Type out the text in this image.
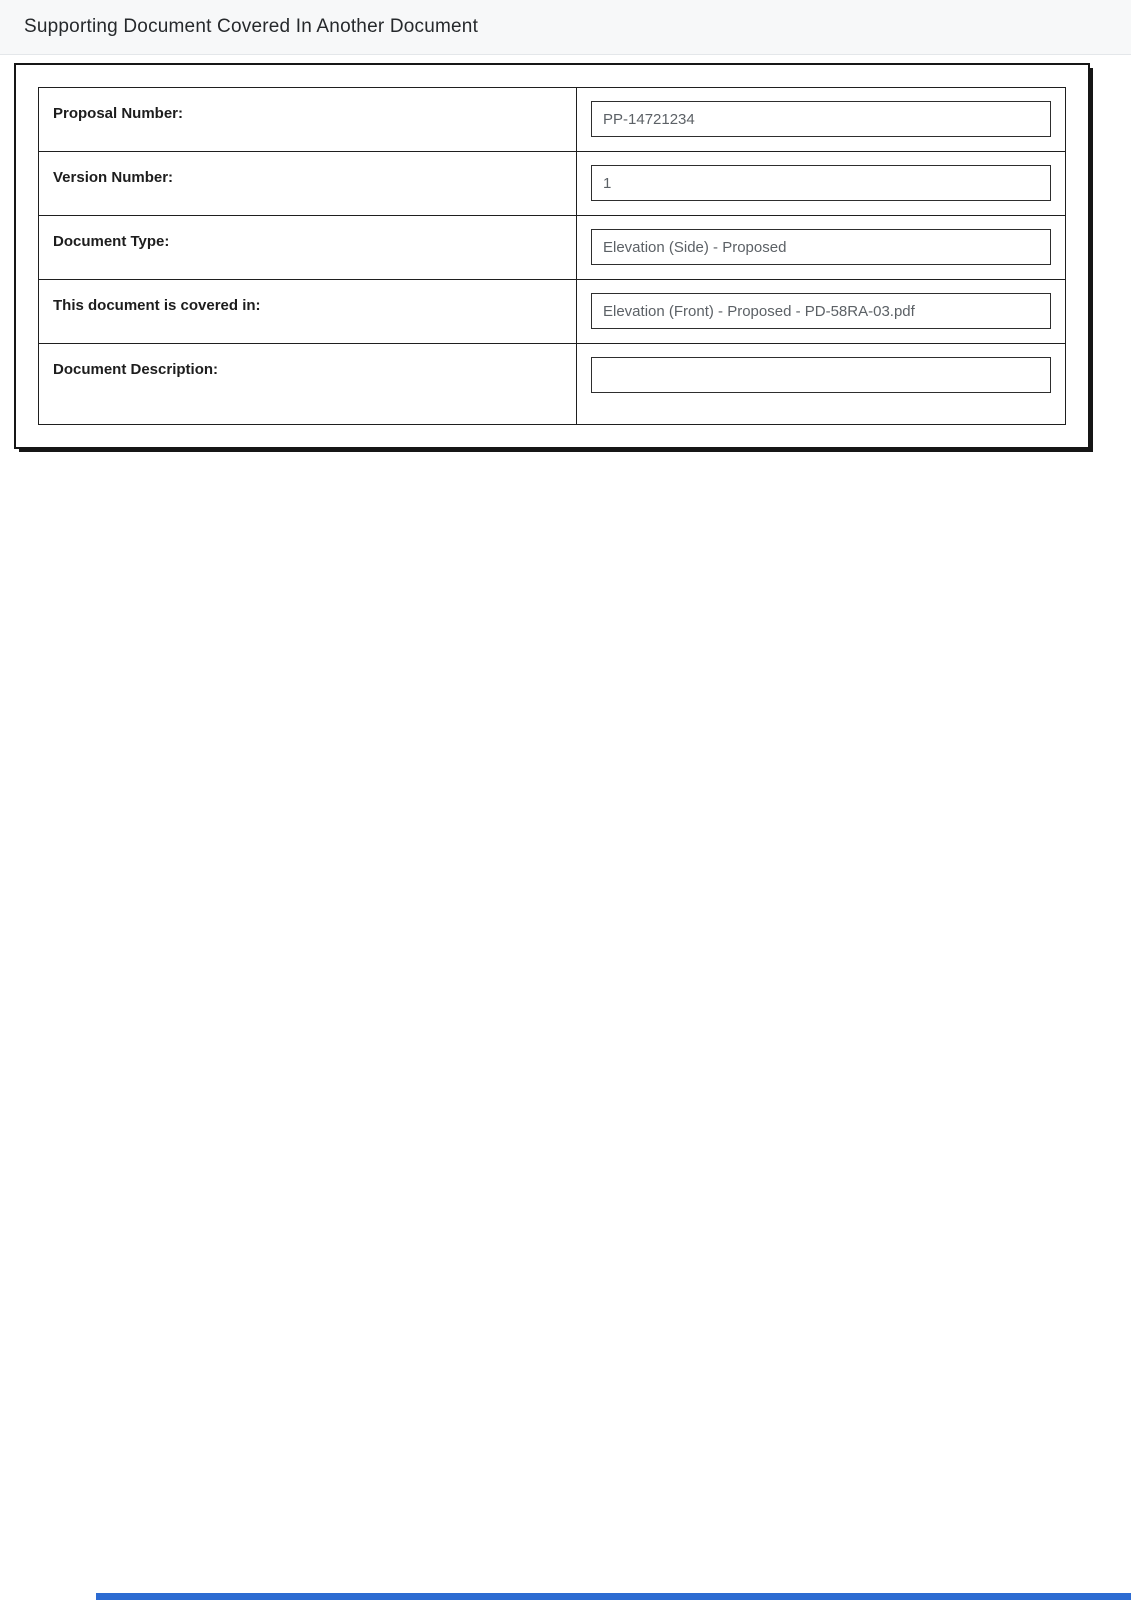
Supporting Document Covered In Another Document
Proposal Number:
PP-14721234
Version Number:
1
Document Type:
Elevation (Side) - Proposed
This document is covered in:
Elevation (Front) - Proposed - PD-58RA-03.pdf
Document Description:
